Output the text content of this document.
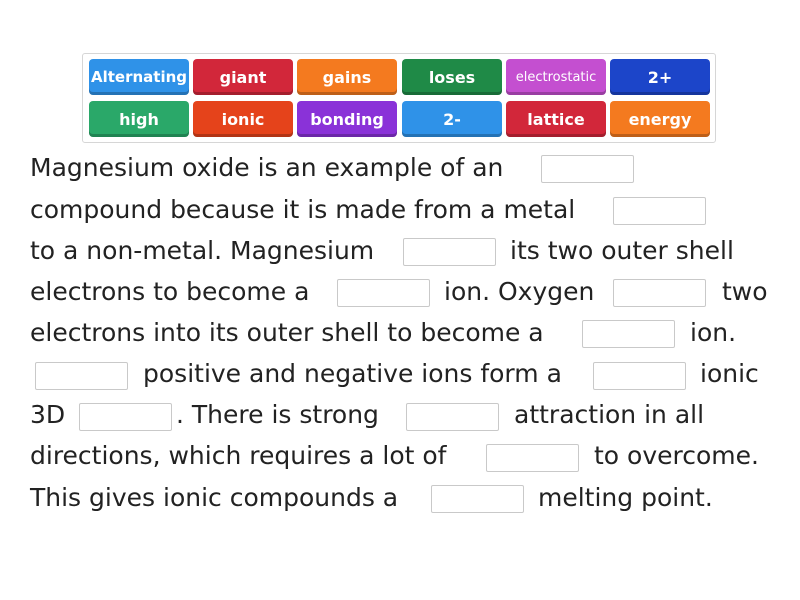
Alternating	giant	gains	loses	electrostatic	2+
high	ionic	bonding	2-	lattice	energy
Magnesium oxide is an example of an
compound because it is made from a metal
to a non-metal. Magnesium	its two outer shell
electrons to become a	ion. Oxygen	two
electrons into its outer shell to become a	ion.
positive and negative ions form a	ionic
3D	. There is strong	attraction in all
directions, which requires a lot of	to overcome.
This gives ionic compounds a	melting point.
